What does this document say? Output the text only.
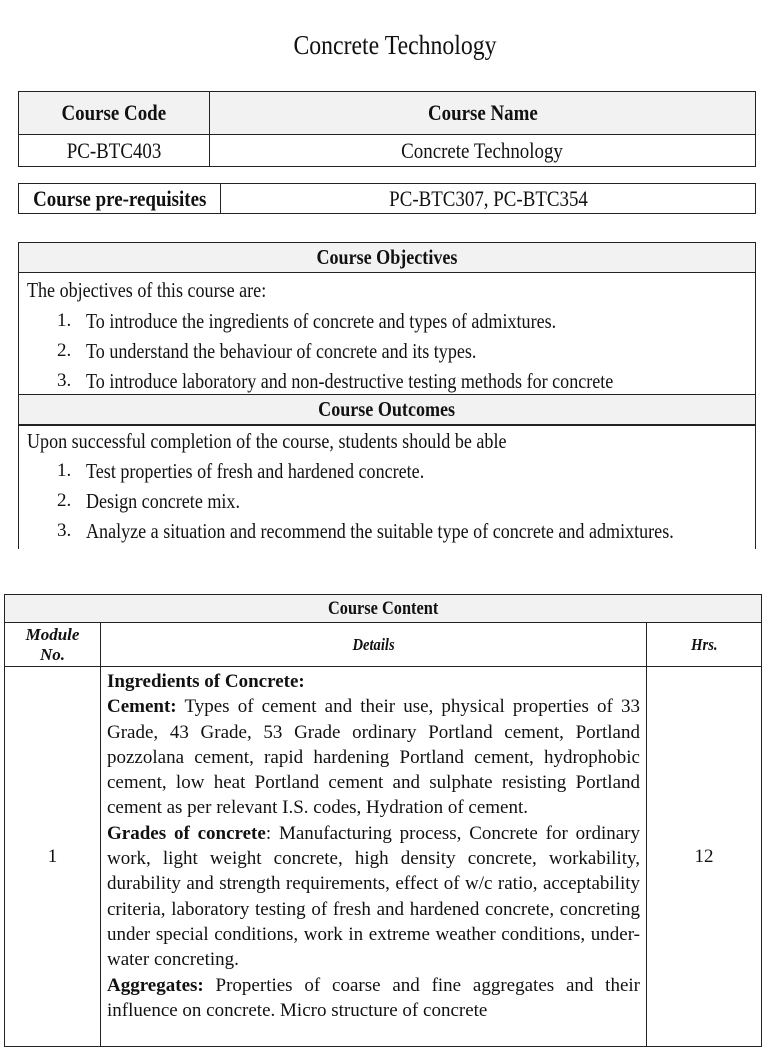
Concrete Technology
Course Code	Course Name
PC-BTC403	Concrete Technology
Course pre-requisites	PC-BTC307, PC-BTC354
Course Objectives
The objectives of this course are:
1. To introduce the ingredients of concrete and types of admixtures.
2. To understand the behaviour of concrete and its types.
3. To introduce laboratory and non-destructive testing methods for concrete
Course Outcomes
Upon successful completion of the course, students should be able
1. Test properties of fresh and hardened concrete.
2. Design concrete mix.
3. Analyze a situation and recommend the suitable type of concrete and admixtures.
Course Content		
Module No.	Details	Hrs.
1	Ingredients of Concrete:
Cement: Types of cement and their use, physical properties of 33 Grade, 43 Grade, 53 Grade ordinary Portland cement, Portland pozzolana cement, rapid hardening Portland cement, hydrophobic cement, low heat Portland cement and sulphate resisting Portland cement as per relevant I.S. codes, Hydration of cement.
Grades of concrete: Manufacturing process, Concrete for ordinary work, light weight concrete, high density concrete, workability, durability and strength requirements, effect of w/c ratio, acceptability criteria, laboratory testing of fresh and hardened concrete, concreting under special conditions, work in extreme weather conditions, under-water concreting.
Aggregates: Properties of coarse and fine aggregates and their influence on concrete. Micro structure of concrete	12
